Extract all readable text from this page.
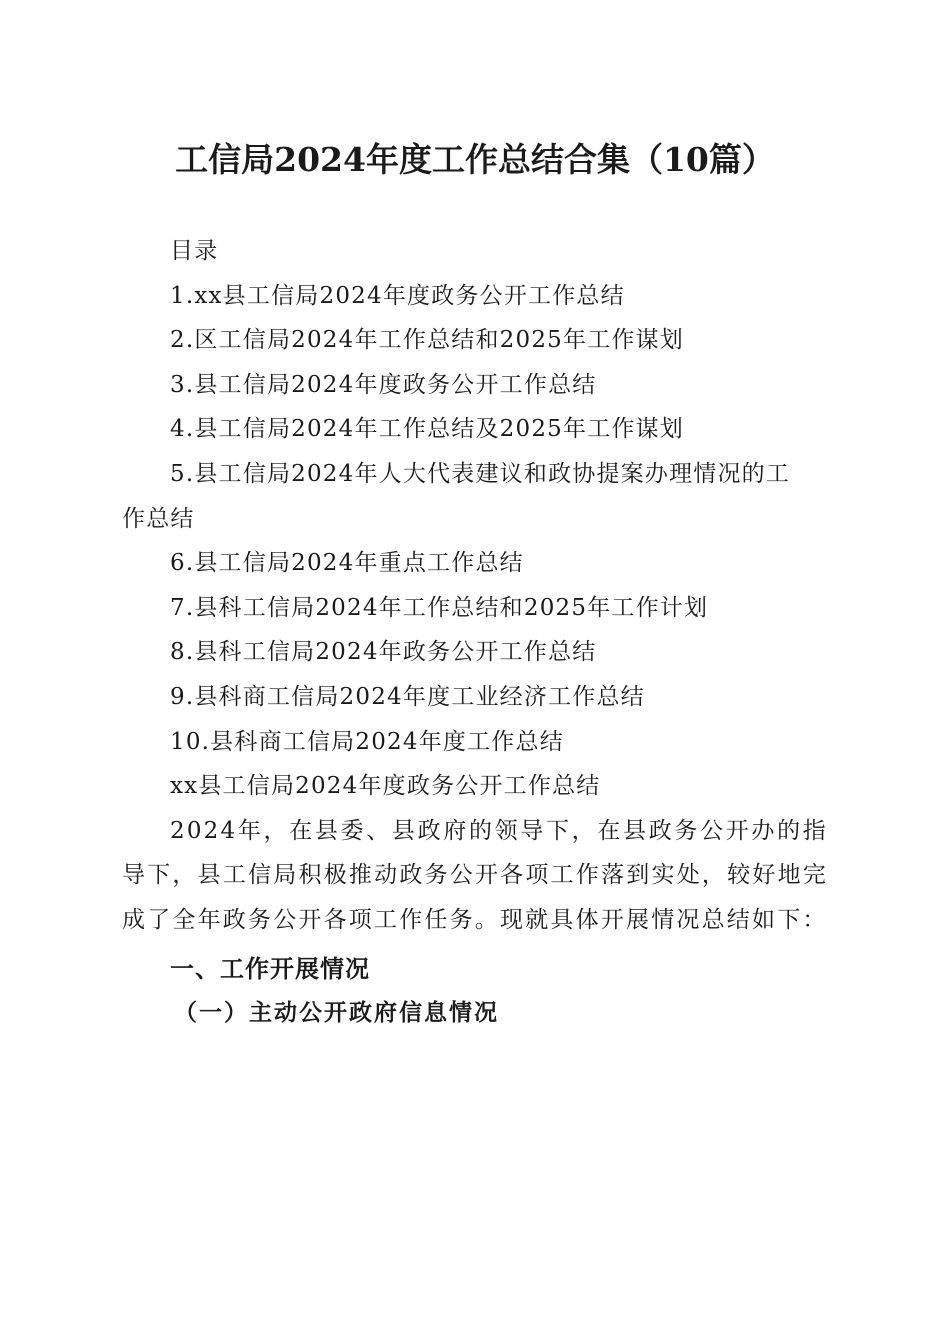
工信局2024年度工作总结合集（10篇）

目录

1.xx县工信局2024年度政务公开工作总结

2.区工信局2024年工作总结和2025年工作谋划

3.县工信局2024年度政务公开工作总结

4.县工信局2024年工作总结及2025年工作谋划

5.县工信局2024年人大代表建议和政协提案办理情况的工

作总结

6.县工信局2024年重点工作总结

7.县科工信局2024年工作总结和2025年工作计划

8.县科工信局2024年政务公开工作总结

9.县科商工信局2024年度工业经济工作总结

10.县科商工信局2024年度工作总结

xx县工信局2024年度政务公开工作总结

2024年，在县委、县政府的领导下，在县政务公开办的指导下，县工信局积极推动政务公开各项工作落到实处，较好地完成了全年政务公开各项工作任务。现就具体开展情况总结如下：

一、工作开展情况

（一）主动公开政府信息情况
